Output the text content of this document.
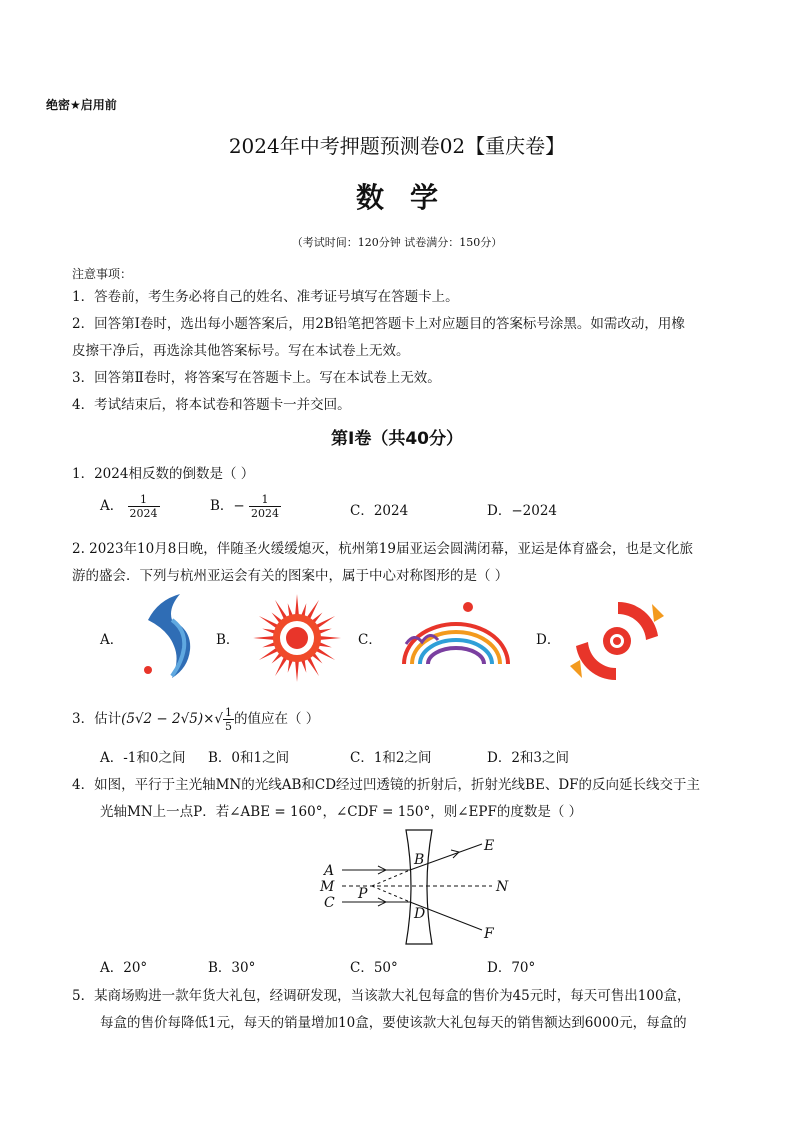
绝密★启用前
2024年中考押题预测卷02【重庆卷】
数学
（考试时间：120分钟 试卷满分：150分）
注意事项：
1．答卷前，考生务必将自己的姓名、准考证号填写在答题卡上。
2．回答第Ⅰ卷时，选出每小题答案后，用2B铅笔把答题卡上对应题目的答案标号涂黑。如需改动，用橡
皮擦干净后，再选涂其他答案标号。写在本试卷上无效。
3．回答第Ⅱ卷时，将答案写在答题卡上。写在本试卷上无效。
4．考试结束后，将本试卷和答题卡一并交回。
第Ⅰ卷（共40分）
1．2024相反数的倒数是（ ）
A． $\frac{1}{2024}$	B．− $\frac{1}{2024}$	C．2024	D．−2024
2. 2023年10月8日晚，伴随圣火缓缓熄灭，杭州第19届亚运会圆满闭幕，亚运是体育盛会，也是文化旅
游的盛会．下列与杭州亚运会有关的图案中，属于中心对称图形的是（ ）
A．	B．	C．	D．
3．估计$(5√2 - 2√5)\times√ \frac{1}{5}$ 的值应在（ ）
A．-1和0之间 B．0和1之间	C．1和2之间	D．2和3之间
4．如图，平行于主光轴MN的光线AB和CD经过凹透镜的折射后，折射光线BE、DF的反向延长线交于主
光轴MN上一点P．若∠ABE = 160°，∠CDF = 150°，则∠EPF的度数是（ ）
A
M
C
B
D
P	N
E
F
A．20°	B．30°	C．50°	D．70°
5．某商场购进一款年货大礼包，经调研发现，当该款大礼包每盒的售价为45元时，每天可售出100盒，
每盒的售价每降低1元，每天的销量增加10盒，要使该款大礼包每天的销售额达到6000元，每盒的
